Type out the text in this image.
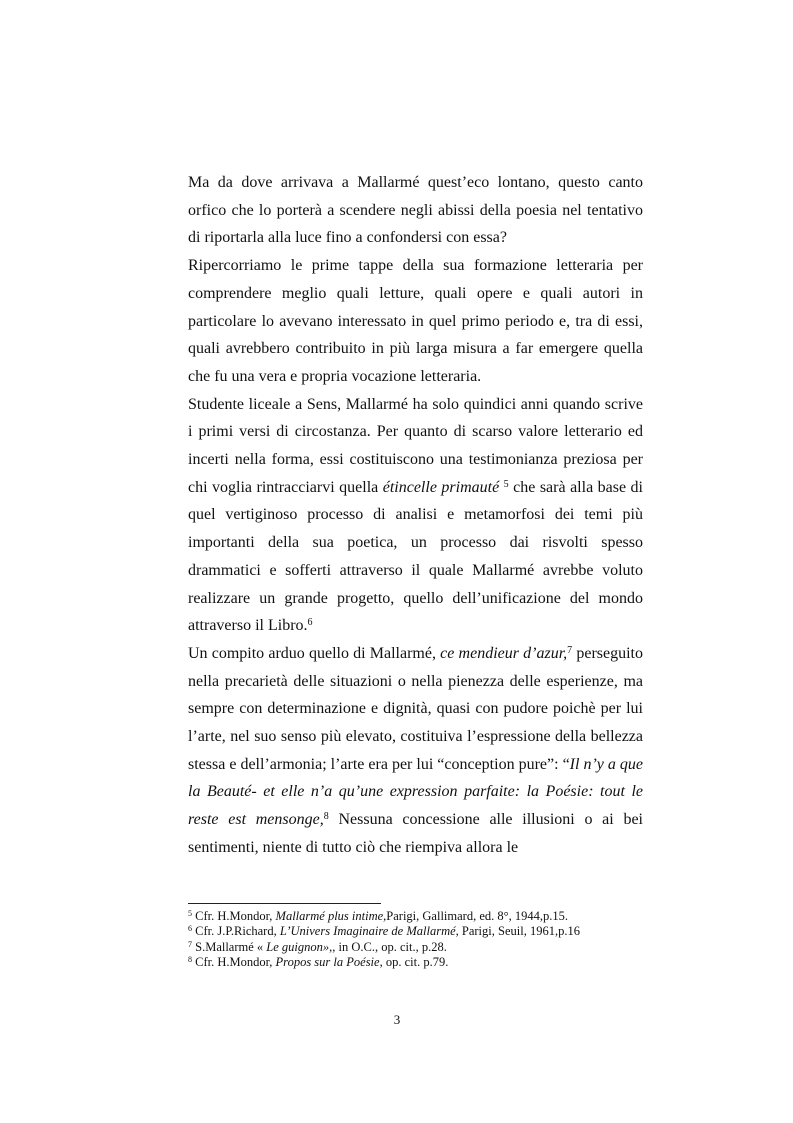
Ma da dove arrivava a Mallarmé quest’eco lontano, questo canto orfico che lo porterà a scendere negli abissi della poesia nel tentativo di riportarla alla luce fino a confondersi con essa?

Ripercorriamo le prime tappe della sua formazione letteraria per comprendere meglio quali letture, quali opere e quali autori in particolare lo avevano interessato in quel primo periodo e, tra di essi, quali avrebbero contribuito in più larga misura a far emergere quella che fu una vera e propria vocazione letteraria.

Studente liceale a Sens, Mallarmé ha solo quindici anni quando scrive i primi versi di circostanza. Per quanto di scarso valore letterario ed incerti nella forma, essi costituiscono una testimonianza preziosa per chi voglia rintracciarvi quella étincelle primauté $^5$ che sarà alla base di quel vertiginoso processo di analisi e metamorfosi dei temi più importanti della sua poetica, un processo dai risvolti spesso drammatici e sofferti attraverso il quale Mallarmé avrebbe voluto realizzare un grande progetto, quello dell’unificazione del mondo attraverso il Libro.$^6$

Un compito arduo quello di Mallarmé, ce mendieur d’azur,$^7$ perseguito nella precarietà delle situazioni o nella pienezza delle esperienze, ma sempre con determinazione e dignità, quasi con pudore poichè per lui l’arte, nel suo senso più elevato, costituiva l’espressione della bellezza stessa e dell’armonia; l’arte era per lui “conception pure”: “Il n’y a que la Beauté- et elle n’a qu’une expression parfaite: la Poésie: tout le reste est mensonge,$^8$ Nessuna concessione alle illusioni o ai bei sentimenti, niente di tutto ciò che riempiva allora le

$^5$ Cfr. H.Mondor, Mallarmé plus intime,Parigi, Gallimard, ed. 8°, 1944,p.15.
$^6$ Cfr. J.P.Richard, L’Univers Imaginaire de Mallarmé, Parigi, Seuil, 1961,p.16
$^7$ S.Mallarmé « Le guignon»,, in O.C., op. cit., p.28.
$^8$ Cfr. H.Mondor, Propos sur la Poésie, op. cit. p.79.
3
